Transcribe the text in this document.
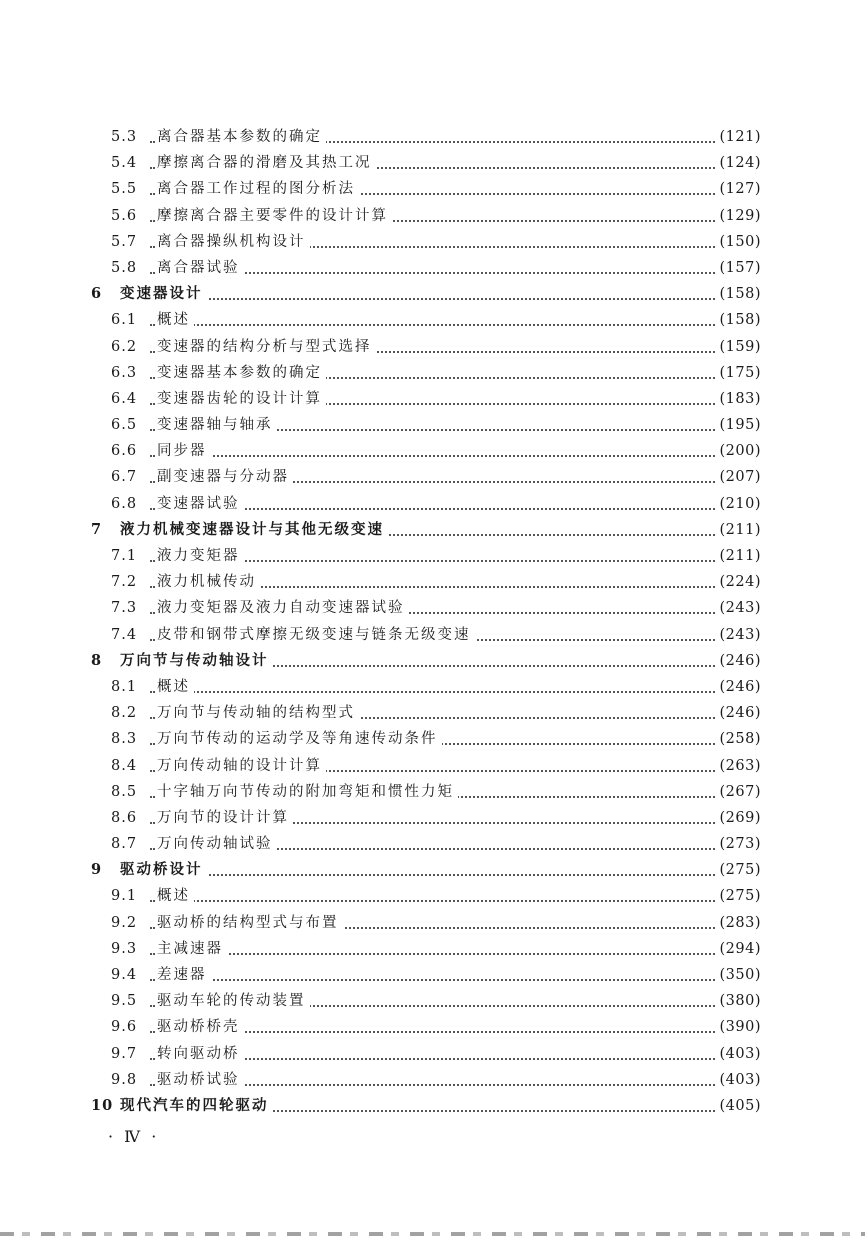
5.3 离合器基本参数的确定	(121)
5.4 摩擦离合器的滑磨及其热工况	(124)
5.5 离合器工作过程的图分析法	(127)
5.6 摩擦离合器主要零件的设计计算	(129)
5.7 离合器操纵机构设计	(150)
5.8 离合器试验	(157)
6 变速器设计	(158)
6.1 概述	(158)
6.2 变速器的结构分析与型式选择	(159)
6.3 变速器基本参数的确定	(175)
6.4 变速器齿轮的设计计算	(183)
6.5 变速器轴与轴承	(195)
6.6 同步器	(200)
6.7 副变速器与分动器	(207)
6.8 变速器试验	(210)
7 液力机械变速器设计与其他无级变速	(211)
7.1 液力变矩器	(211)
7.2 液力机械传动	(224)
7.3 液力变矩器及液力自动变速器试验	(243)
7.4 皮带和钢带式摩擦无级变速与链条无级变速	(243)
8 万向节与传动轴设计	(246)
8.1 概述	(246)
8.2 万向节与传动轴的结构型式	(246)
8.3 万向节传动的运动学及等角速传动条件	(258)
8.4 万向传动轴的设计计算	(263)
8.5 十字轴万向节传动的附加弯矩和惯性力矩	(267)
8.6 万向节的设计计算	(269)
8.7 万向传动轴试验	(273)
9 驱动桥设计	(275)
9.1 概述	(275)
9.2 驱动桥的结构型式与布置	(283)
9.3 主减速器	(294)
9.4 差速器	(350)
9.5 驱动车轮的传动装置	(380)
9.6 驱动桥桥壳	(390)
9.7 转向驱动桥	(403)
9.8 驱动桥试验	(403)
10 现代汽车的四轮驱动	(405)
· Ⅳ ·
